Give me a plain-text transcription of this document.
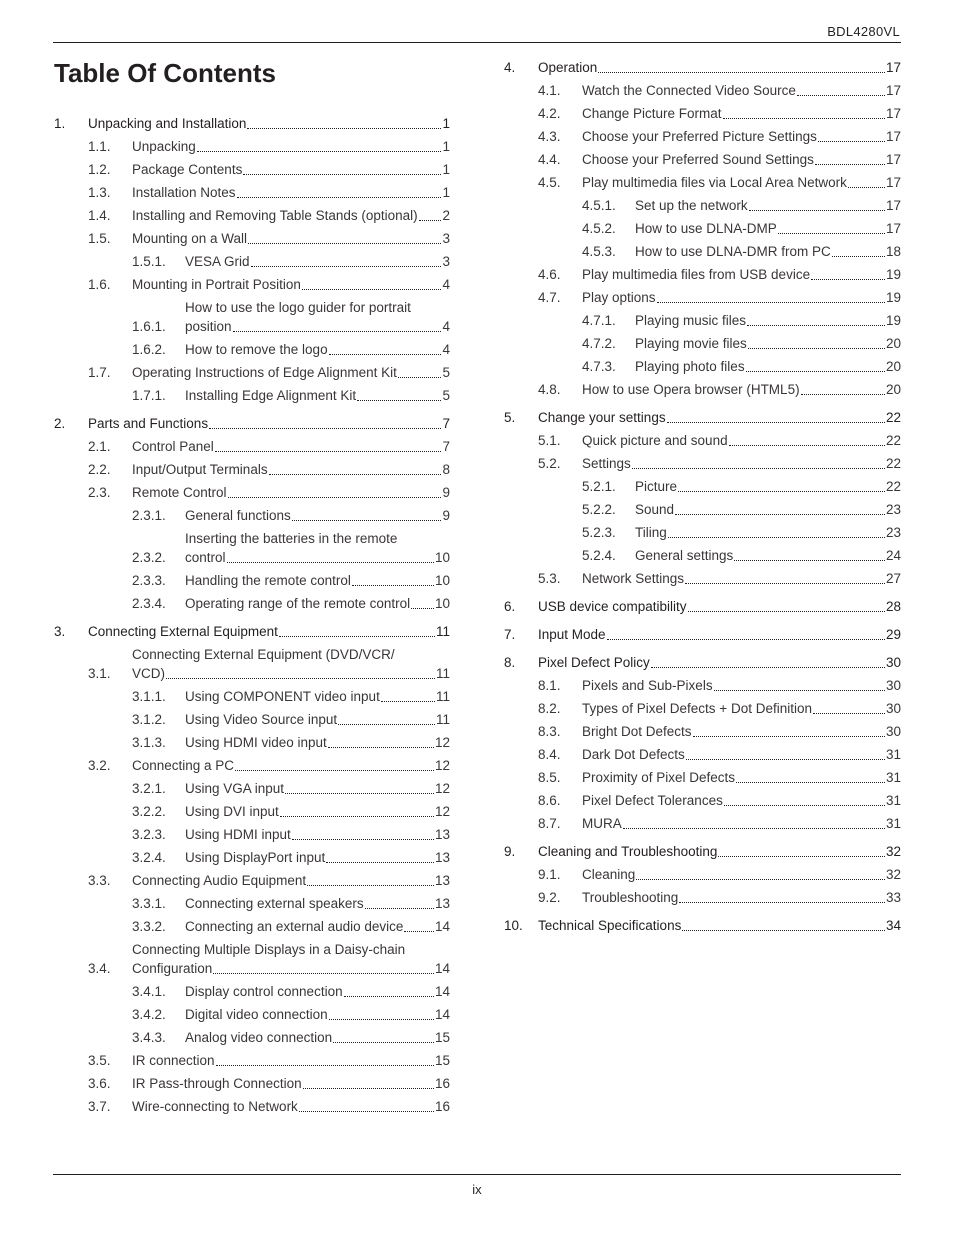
BDL4280VL
Table Of Contents
1.	Unpacking and Installation	1
1.1.	Unpacking	1
1.2.	Package Contents	1
1.3.	Installation Notes	1
1.4.	Installing and Removing Table Stands (optional) 2
1.5.	Mounting on a Wall	3
1.5.1.	VESA Grid	3
1.6.	Mounting in Portrait Position	4
1.6.1.
How to use the logo guider for portrait
position	4
1.6.2.	How to remove the logo	4
1.7.	Operating Instructions of Edge Alignment Kit	5
1.7.1.	Installing Edge Alignment Kit	5
2.	Parts and Functions	7
2.1.	Control Panel	7
2.2.	Input/Output Terminals	8
2.3.	Remote Control	9
2.3.1.	General functions	9
2.3.2.
Inserting the batteries in the remote
control	10
2.3.3.	Handling the remote control	10
2.3.4.	Operating range of the remote control 10
3.	Connecting External Equipment	11
3.1.
Connecting External Equipment (DVD/VCR/
VCD)	11
3.1.1.	Using COMPONENT video input	11
3.1.2.	Using Video Source input	11
3.1.3.	Using HDMI video input	12
3.2.	Connecting a PC	12
3.2.1.	Using VGA input	12
3.2.2.	Using DVI input	12
3.2.3.	Using HDMI input	13
3.2.4.	Using DisplayPort input	13
3.3.	Connecting Audio Equipment	13
3.3.1.	Connecting external speakers	13
3.3.2.	Connecting an external audio device 14
3.4.
Connecting Multiple Displays in a Daisy-chain
Configuration	14
3.4.1.	Display control connection	14
3.4.2.	Digital video connection	14
3.4.3.	Analog video connection	15
3.5.	IR connection	15
3.6.	IR Pass-through Connection	16
3.7.	Wire-connecting to Network	16
4.	Operation	17
4.1.	Watch the Connected Video Source	17
4.2.	Change Picture Format	17
4.3.	Choose your Preferred Picture Settings	17
4.4.	Choose your Preferred Sound Settings	17
4.5.	Play multimedia files via Local Area Network	17
4.5.1.	Set up the network	17
4.5.2.	How to use DLNA-DMP	17
4.5.3.	How to use DLNA-DMR from PC	18
4.6.	Play multimedia files from USB device	19
4.7.	Play options	19
4.7.1.	Playing music files	19
4.7.2.	Playing movie files	20
4.7.3.	Playing photo files	20
4.8.	How to use Opera browser (HTML5)	20
5.	Change your settings	22
5.1.	Quick picture and sound	22
5.2.	Settings	22
5.2.1.	Picture	22
5.2.2.	Sound	23
5.2.3.	Tiling	23
5.2.4.	General settings	24
5.3.	Network Settings	27
6.	USB device compatibility	28
7.	Input Mode	29
8.	Pixel Defect Policy	30
8.1.	Pixels and Sub-Pixels	30
8.2.	Types of Pixel Defects + Dot Definition	30
8.3.	Bright Dot Defects	30
8.4.	Dark Dot Defects	31
8.5.	Proximity of Pixel Defects	31
8.6.	Pixel Defect Tolerances	31
8.7.	MURA	31
9.	Cleaning and Troubleshooting	32
9.1.	Cleaning	32
9.2.	Troubleshooting	33
10.	Technical Specifications	34
ix
